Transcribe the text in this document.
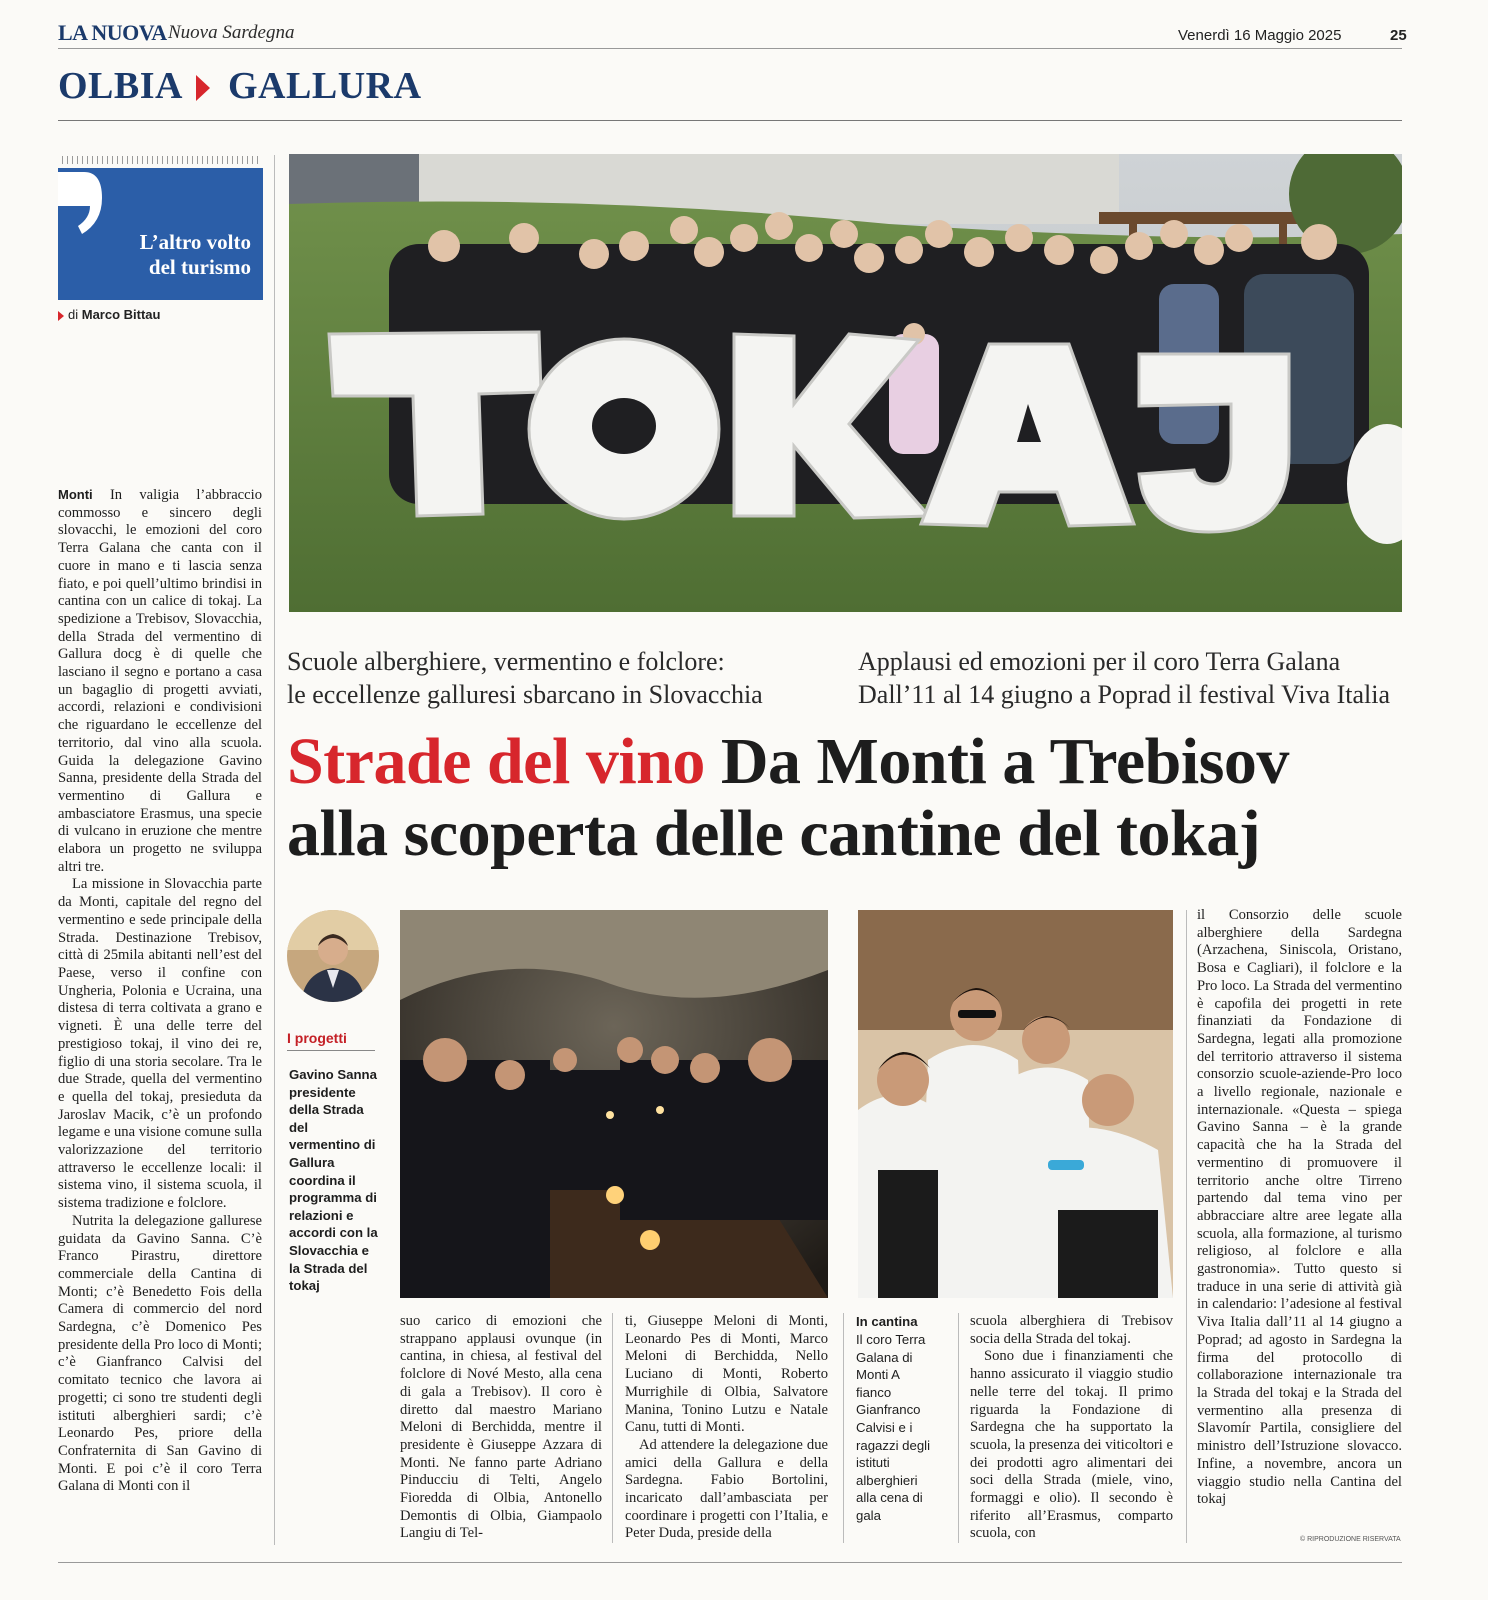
LA NUOVA Nuova Sardegna	Venerdì 16 Maggio 2025	25
OLBIA GALLURA
L’altro volto
del turismo
di Marco Bittau

Monti In valigia l’abbraccio commosso e sincero degli slovacchi, le emozioni del coro Terra Galana che canta con il cuore in mano e ti lascia senza fiato, e poi quell’ultimo brindisi in cantina con un calice di tokaj. La spedizione a Trebisov, Slovacchia, della Strada del vermentino di Gallura docg è di quelle che lasciano il segno e portano a casa un bagaglio di progetti avviati, accordi, relazioni e condivisioni che riguardano le eccellenze del territorio, dal vino alla scuola. Guida la delegazione Gavino Sanna, presidente della Strada del vermentino di Gallura e ambasciatore Erasmus, una specie di vulcano in eruzione che mentre elabora un progetto ne sviluppa altri tre.

La missione in Slovacchia parte da Monti, capitale del regno del vermentino e sede principale della Strada. Destinazione Trebisov, città di 25mila abitanti nell’est del Paese, verso il confine con Ungheria, Polonia e Ucraina, una distesa di terra coltivata a grano e vigneti. È una delle terre del prestigioso tokaj, il vino dei re, figlio di una storia secolare. Tra le due Strade, quella del vermentino e quella del tokaj, presieduta da Jaroslav Macik, c’è un profondo legame e una visione comune sulla valorizzazione del territorio attraverso le eccellenze locali: il sistema vino, il sistema scuola, il sistema tradizione e folclore.

Nutrita la delegazione gallurese guidata da Gavino Sanna. C’è Franco Pirastru, direttore commerciale della Cantina di Monti; c’è Benedetto Fois della Camera di commercio del nord Sardegna, c’è Domenico Pes presidente della Pro loco di Monti; c’è Gianfranco Calvisi del comitato tecnico che lavora ai progetti; ci sono tre studenti degli istituti alberghieri sardi; c’è Leonardo Pes, priore della Confraternita di San Gavino di Monti. E poi c’è il coro Terra Galana di Monti con il

TOKAJ
Scuole alberghiere, vermentino e folclore:
le eccellenze galluresi sbarcano in Slovacchia
Applausi ed emozioni per il coro Terra Galana
Dall’11 al 14 giugno a Poprad il festival Viva Italia
Strade del vino Da Monti a Trebisov
alla scoperta delle cantine del tokaj
I progetti
Gavino Sanna presidente della Strada del vermentino di Gallura coordina il programma di relazioni e accordi con la Slovacchia e la Strada del tokaj
In cantina
Il coro Terra Galana di Monti A fianco Gianfranco Calvisi e i ragazzi degli istituti alberghieri alla cena di gala

suo carico di emozioni che strappano applausi ovunque (in cantina, in chiesa, al festival del folclore di Nové Mesto, alla cena di gala a Trebisov). Il coro è diretto dal maestro Mariano Meloni di Berchidda, mentre il presidente è Giuseppe Azzara di Monti. Ne fanno parte Adriano Pinducciu di Telti, Angelo Fioredda di Olbia, Antonello Demontis di Olbia, Giampaolo Langiu di Tel-

ti, Giuseppe Meloni di Monti, Leonardo Pes di Monti, Marco Meloni di Berchidda, Nello Luciano di Monti, Roberto Murrighile di Olbia, Salvatore Manina, Tonino Lutzu e Natale Canu, tutti di Monti.

Ad attendere la delegazione due amici della Gallura e della Sardegna. Fabio Bortolini, incaricato dall’ambasciata per coordinare i progetti con l’Italia, e Peter Duda, preside della

scuola alberghiera di Trebisov socia della Strada del tokaj.

Sono due i finanziamenti che hanno assicurato il viaggio studio nelle terre del tokaj. Il primo riguarda la Fondazione di Sardegna che ha supportato la scuola, la presenza dei viticoltori e dei prodotti agro alimentari dei soci della Strada (miele, vino, formaggi e olio). Il secondo è riferito all’Erasmus, comparto scuola, con

il Consorzio delle scuole alberghiere della Sardegna (Arzachena, Siniscola, Oristano, Bosa e Cagliari), il folclore e la Pro loco. La Strada del vermentino è capofila dei progetti in rete finanziati da Fondazione di Sardegna, legati alla promozione del territorio attraverso il sistema consorzio scuole-aziende-Pro loco a livello regionale, nazionale e internazionale. «Questa – spiega Gavino Sanna – è la grande capacità che ha la Strada del vermentino di promuovere il territorio anche oltre Tirreno partendo dal tema vino per abbracciare altre aree legate alla scuola, alla formazione, al turismo religioso, al folclore e alla gastronomia». Tutto questo si traduce in una serie di attività già in calendario: l’adesione al festival Viva Italia dall’11 al 14 giugno a Poprad; ad agosto in Sardegna la firma del protocollo di collaborazione internazionale tra la Strada del tokaj e la Strada del vermentino alla presenza di Slavomír Partila, consigliere del ministro dell’Istruzione slovacco. Infine, a novembre, ancora un viaggio studio nella Cantina del tokaj

© RIPRODUZIONE RISERVATA
